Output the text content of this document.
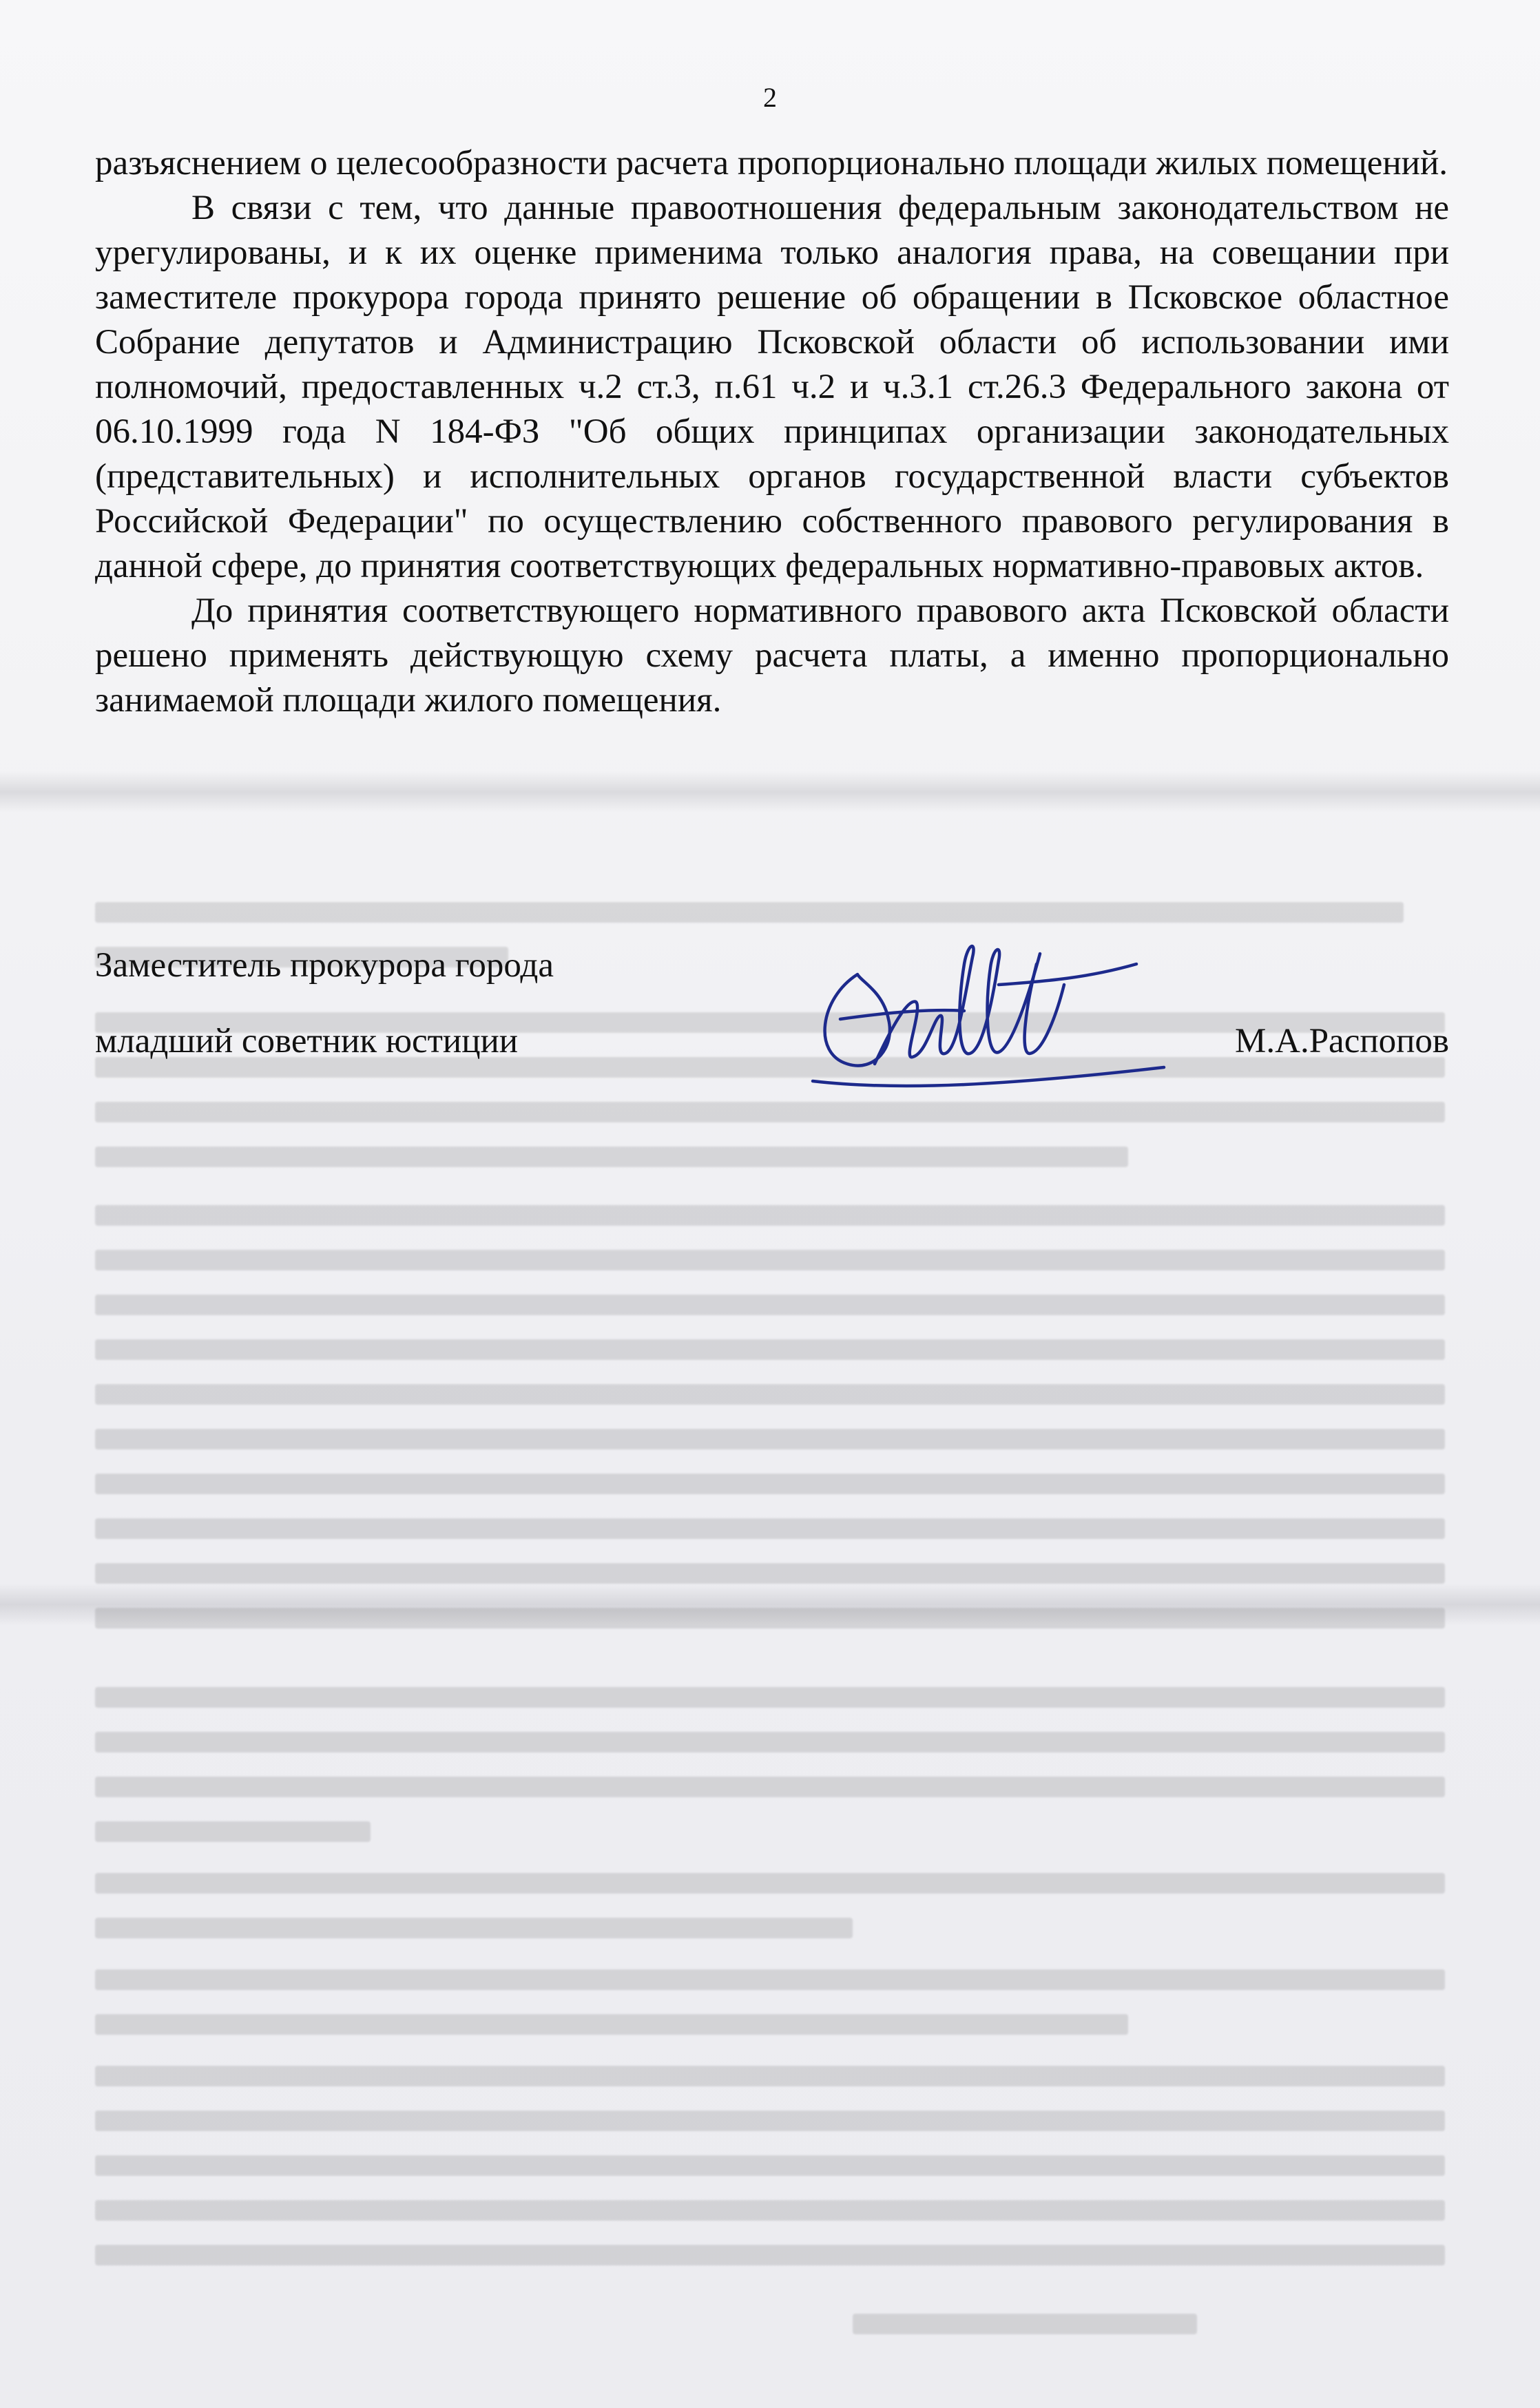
2

разъяснением о целесообразности расчета пропорционально площади жилых помещений.

В связи с тем, что данные правоотношения федеральным законодательством не урегулированы, и к их оценке применима только аналогия права, на совещании при заместителе прокурора города принято решение об обращении в Псковское областное Собрание депутатов и Администрацию Псковской области об использовании ими полномочий, предоставленных ч.2 ст.3, п.61 ч.2 и ч.3.1 ст.26.3 Федерального закона от 06.10.1999 года N 184-ФЗ "Об общих принципах организации законодательных (представительных) и исполнительных органов государственной власти субъектов Российской Федерации" по осуществлению собственного правового регулирования в данной сфере, до принятия соответствующих федеральных нормативно-правовых актов.

До принятия соответствующего нормативного правового акта Псковской области решено применять действующую схему расчета платы, а именно пропорционально занимаемой площади жилого помещения.

Заместитель прокурора города
младший советник юстиции	М.А.Распопов
